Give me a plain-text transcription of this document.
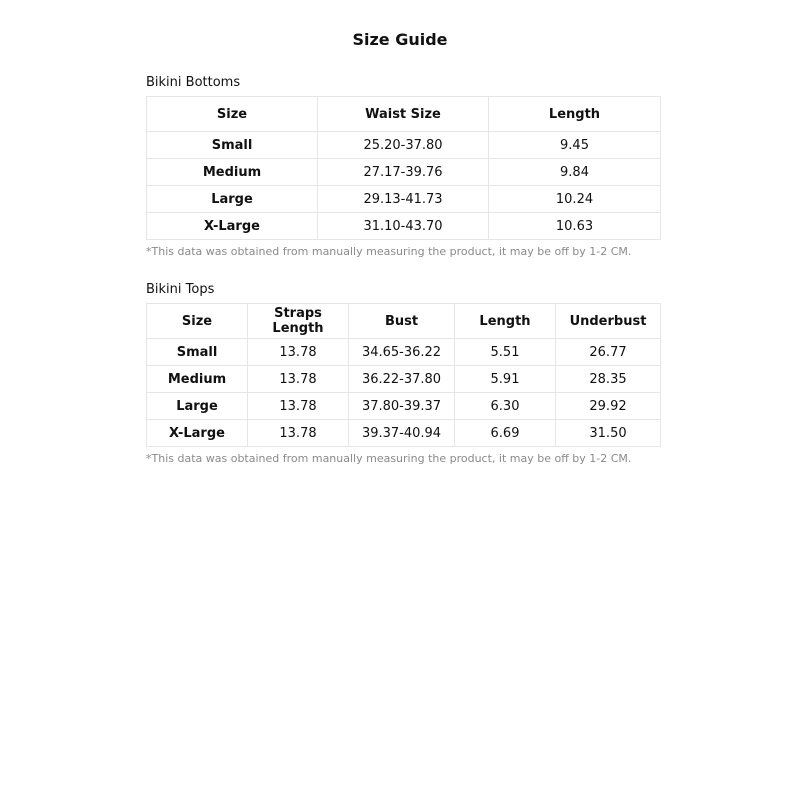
Size Guide
Bikini Bottoms
Size	Waist Size	Length
Small	25.20-37.80	9.45
Medium	27.17-39.76	9.84
Large	29.13-41.73	10.24
X-Large	31.10-43.70	10.63
*This data was obtained from manually measuring the product, it may be off by 1-2 CM.
Bikini Tops
Size	Straps Length	Bust	Length	Underbust
Small	13.78	34.65-36.22	5.51	26.77
Medium	13.78	36.22-37.80	5.91	28.35
Large	13.78	37.80-39.37	6.30	29.92
X-Large	13.78	39.37-40.94	6.69	31.50
*This data was obtained from manually measuring the product, it may be off by 1-2 CM.
